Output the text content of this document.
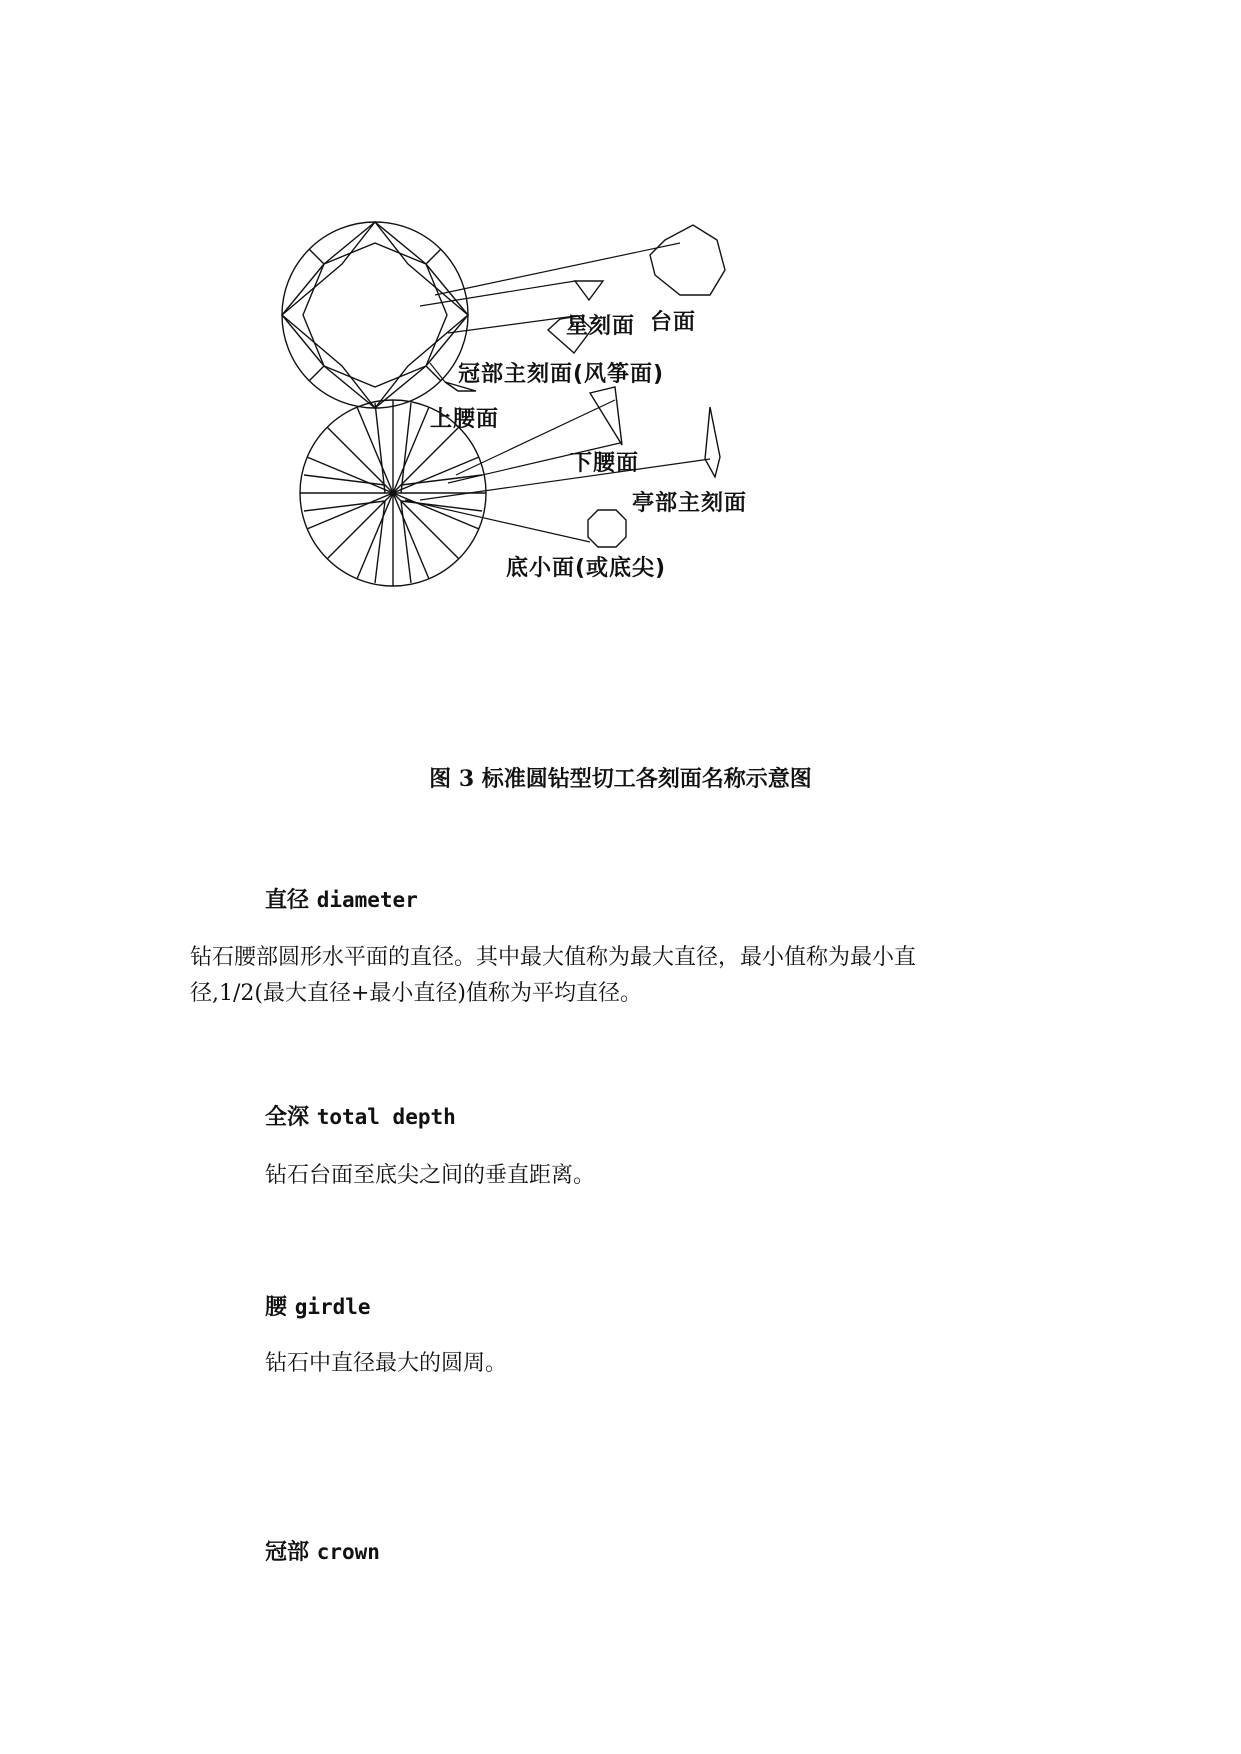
星刻面 台面
冠部主刻面(风筝面)
上腰面
下腰面
亭部主刻面
底小面(或底尖)
图 3 标准圆钻型切工各刻面名称示意图
直径 diameter
钻石腰部圆形水平面的直径。其中最大值称为最大直径，最小值称为最小直
径,1/2(最大直径+最小直径)值称为平均直径。
全深 total depth
钻石台面至底尖之间的垂直距离。
腰 girdle
钻石中直径最大的圆周。
冠部 crown
